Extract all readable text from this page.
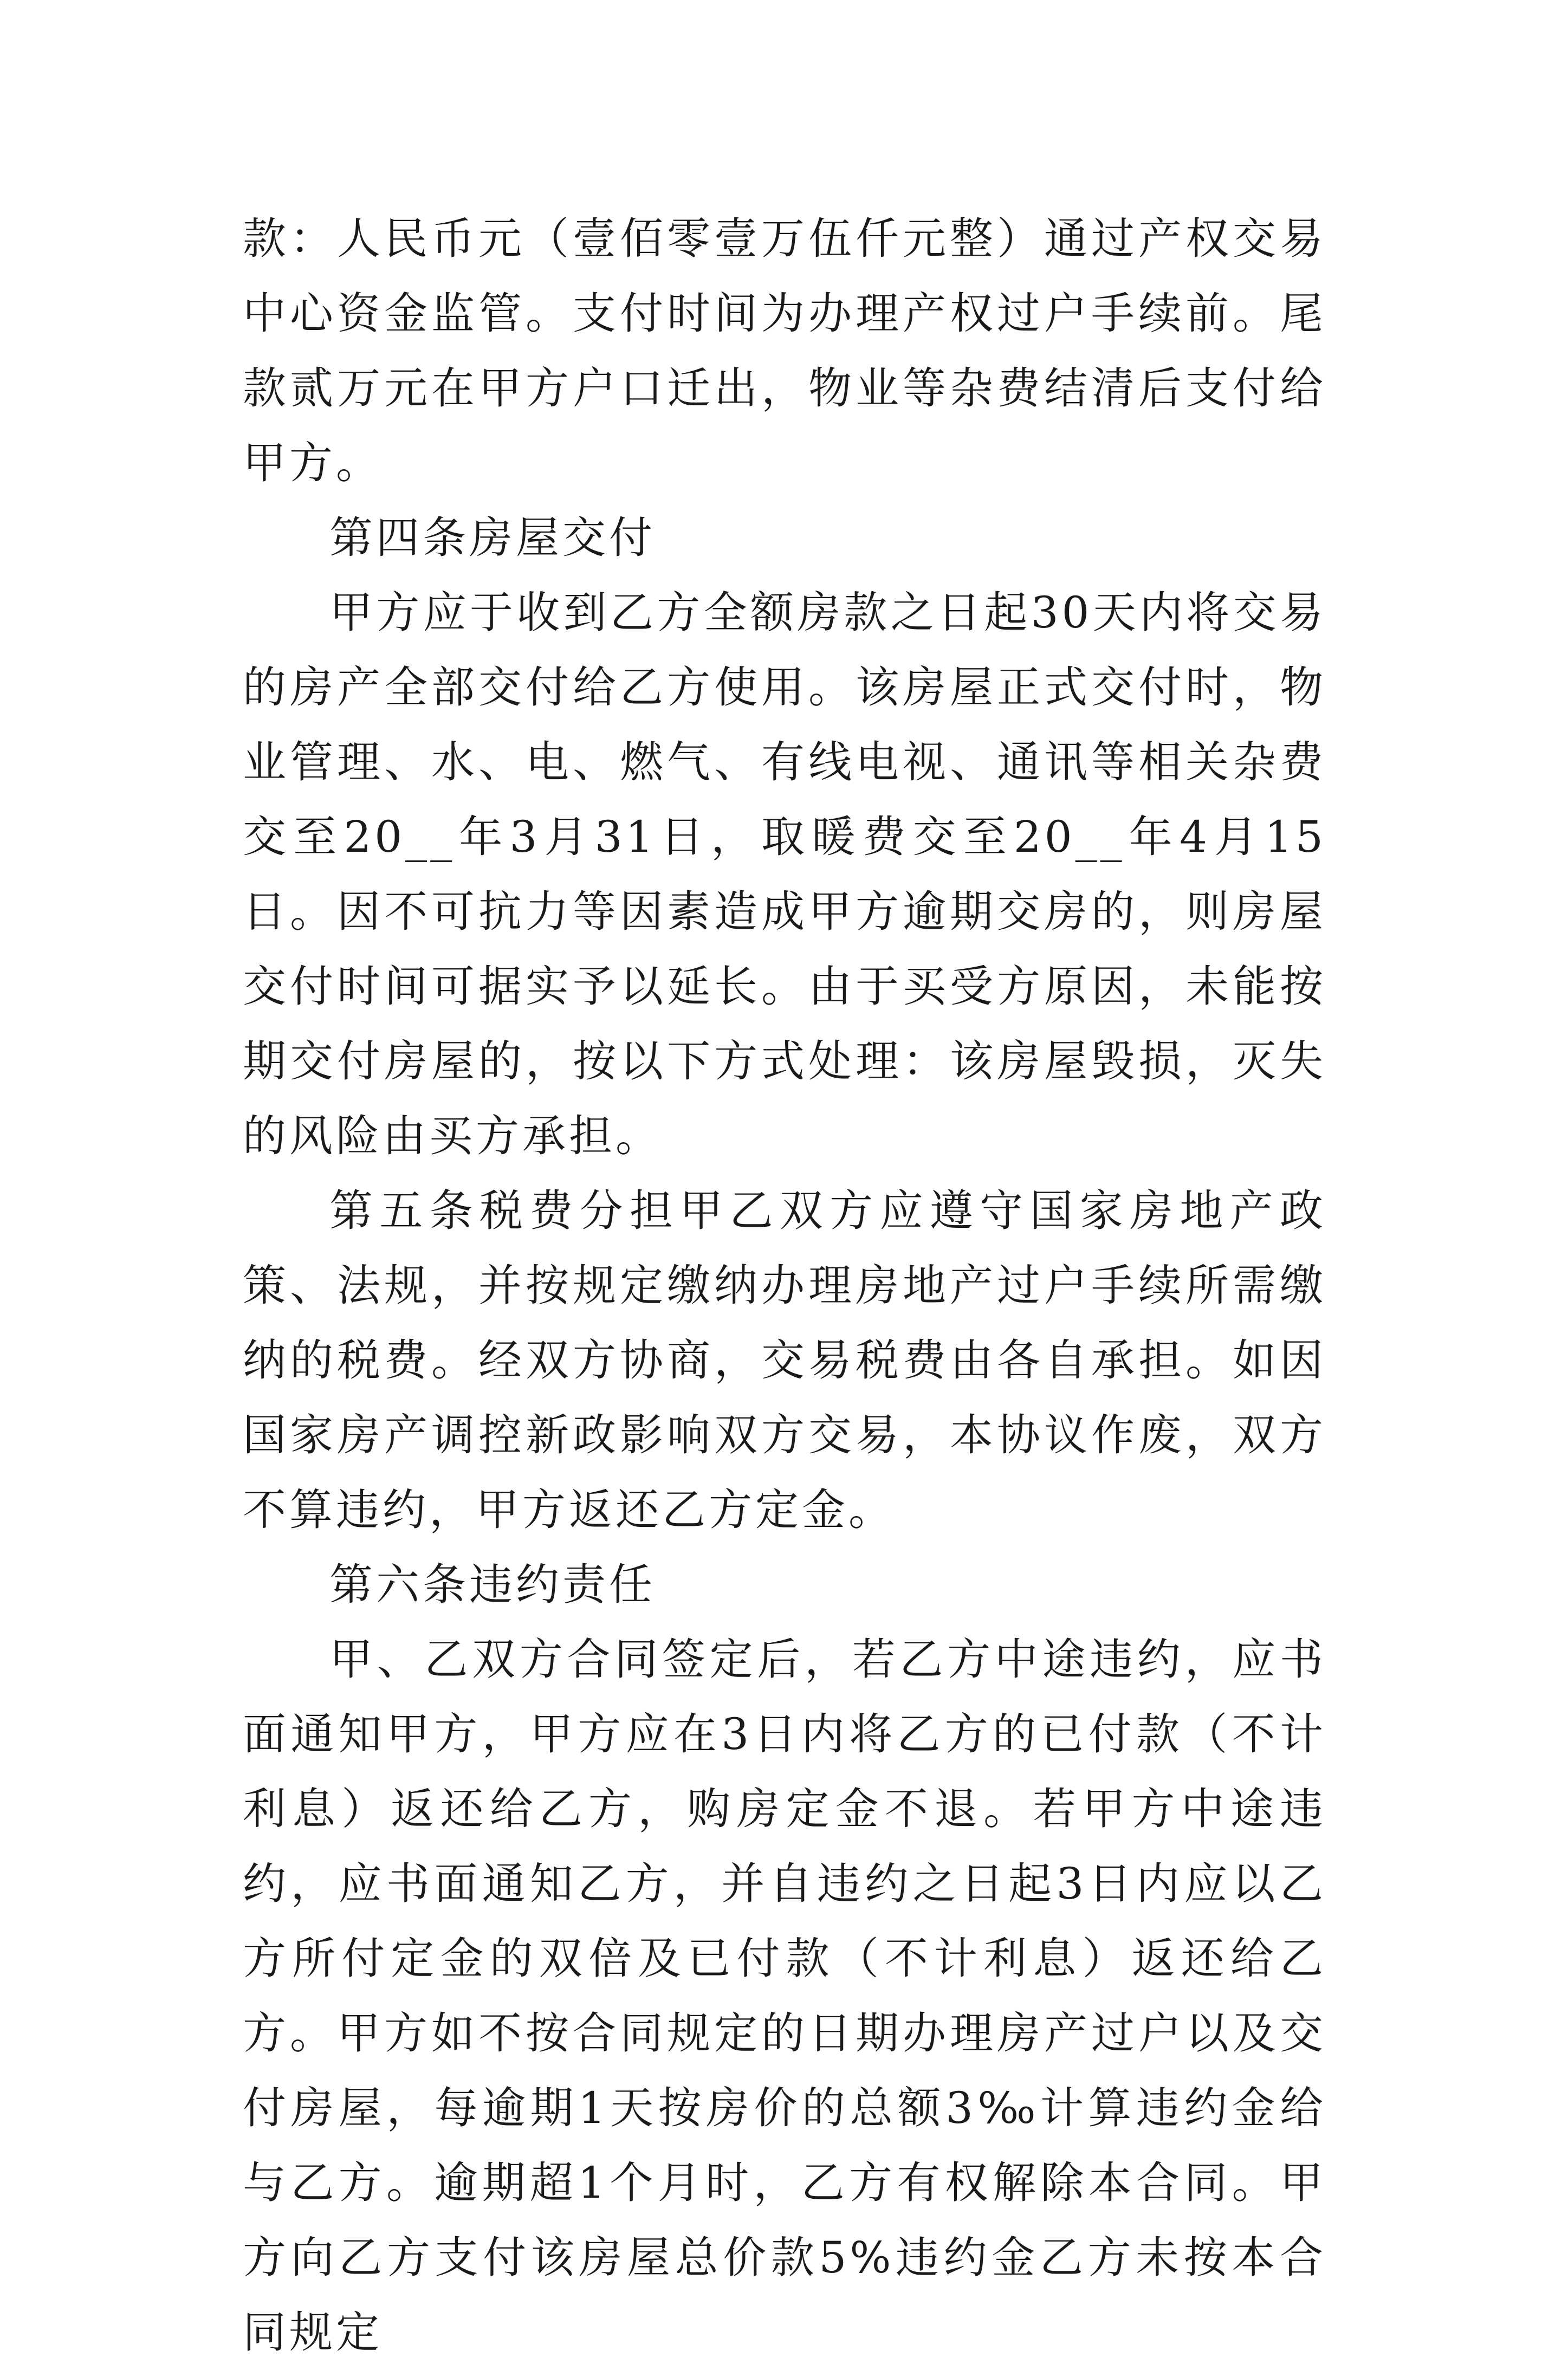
款：人民币元（壹佰零壹万伍仟元整）通过产权交易中心资金监管。支付时间为办理产权过户手续前。尾款贰万元在甲方户口迁出，物业等杂费结清后支付给甲方。

第四条房屋交付

甲方应于收到乙方全额房款之日起30天内将交易的房产全部交付给乙方使用。该房屋正式交付时，物业管理、水、电、燃气、有线电视、通讯等相关杂费交至20__年3月31日，取暖费交至20__年4月15日。因不可抗力等因素造成甲方逾期交房的，则房屋交付时间可据实予以延长。由于买受方原因，未能按期交付房屋的，按以下方式处理：该房屋毁损，灭失的风险由买方承担。

第五条税费分担甲乙双方应遵守国家房地产政策、法规，并按规定缴纳办理房地产过户手续所需缴纳的税费。经双方协商，交易税费由各自承担。如因国家房产调控新政影响双方交易，本协议作废，双方不算违约，甲方返还乙方定金。

第六条违约责任

甲、乙双方合同签定后，若乙方中途违约，应书面通知甲方，甲方应在3日内将乙方的已付款（不计利息）返还给乙方，购房定金不退。若甲方中途违约，应书面通知乙方，并自违约之日起3日内应以乙方所付定金的双倍及已付款（不计利息）返还给乙方。甲方如不按合同规定的日期办理房产过户以及交付房屋，每逾期1天按房价的总额3‰计算违约金给与乙方。逾期超1个月时，乙方有权解除本合同。甲方向乙方支付该房屋总价款5%违约金乙方未按本合同规定
